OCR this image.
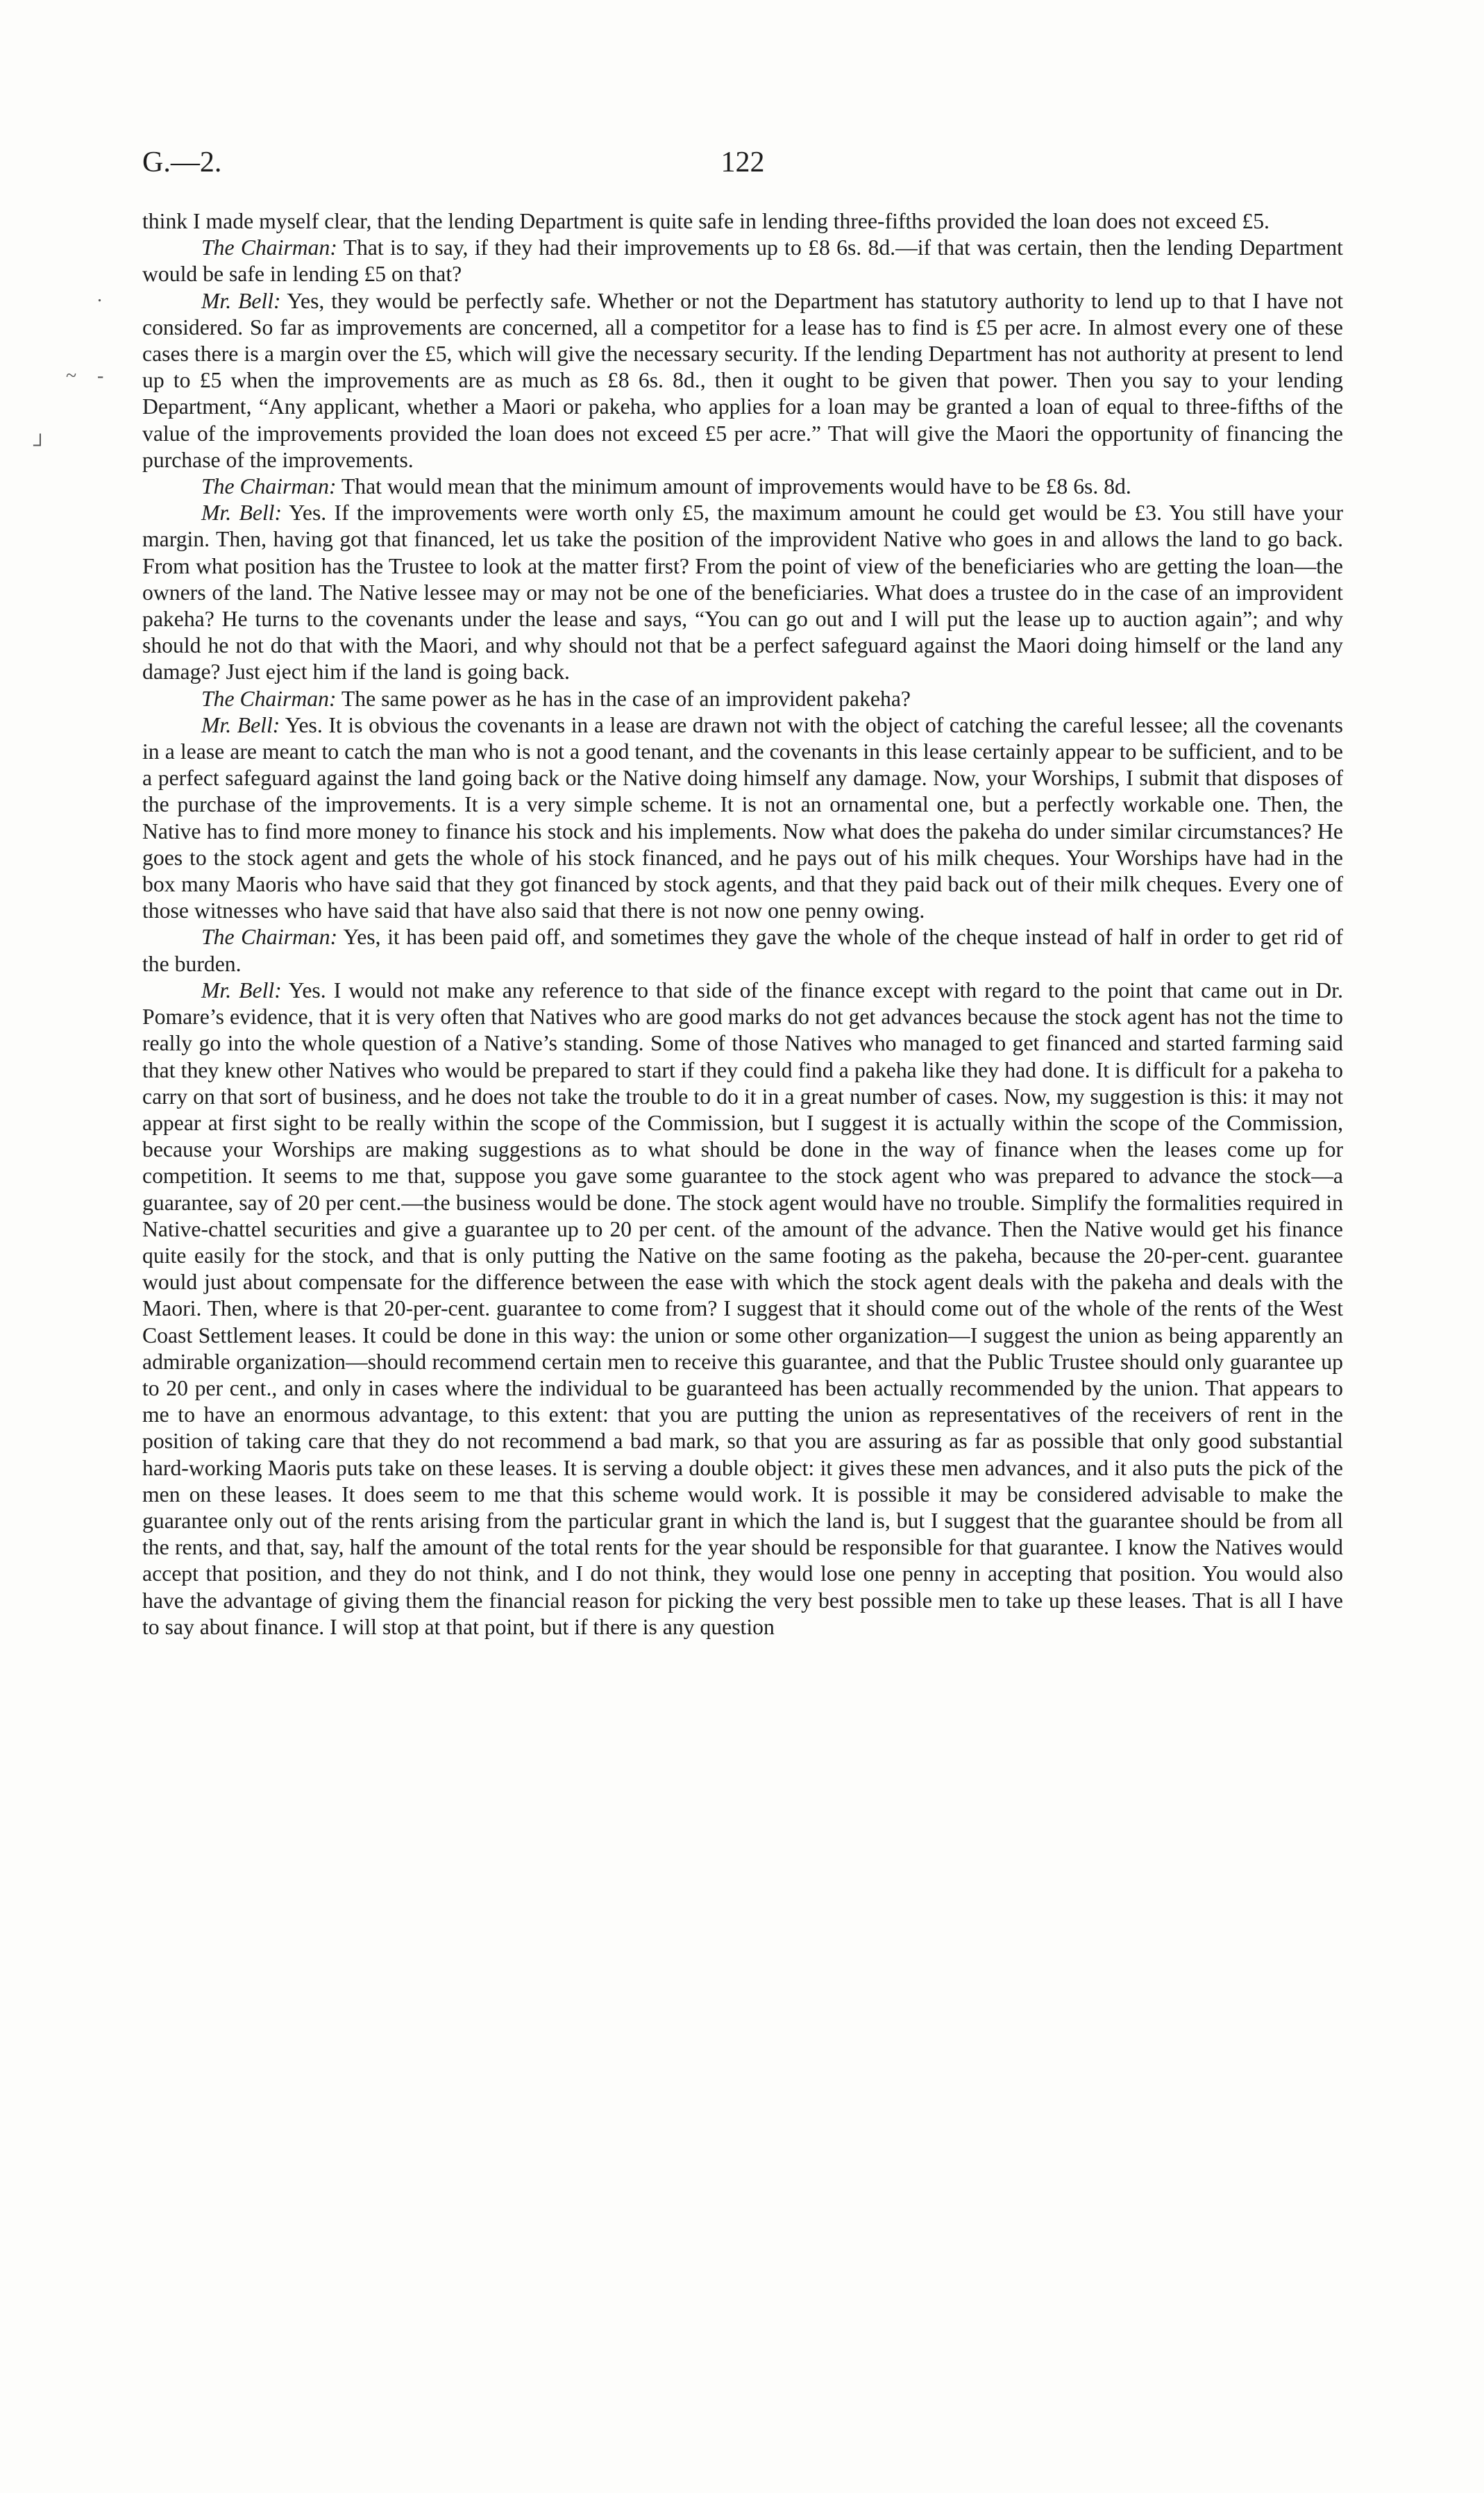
G.—2.	122
.
~ -
┘

think I made myself clear, that the lending Department is quite safe in lending three-fifths provided the loan does not exceed £5.

The Chairman: That is to say, if they had their improvements up to £8 6s. 8d.—if that was certain, then the lending Department would be safe in lending £5 on that?

Mr. Bell: Yes, they would be perfectly safe. Whether or not the Department has statutory authority to lend up to that I have not considered. So far as improvements are concerned, all a competitor for a lease has to find is £5 per acre. In almost every one of these cases there is a margin over the £5, which will give the necessary security. If the lending Department has not authority at present to lend up to £5 when the improvements are as much as £8 6s. 8d., then it ought to be given that power. Then you say to your lending Department, “Any applicant, whether a Maori or pakeha, who applies for a loan may be granted a loan of equal to three-fifths of the value of the improvements provided the loan does not exceed £5 per acre.” That will give the Maori the opportunity of financing the purchase of the improvements.

The Chairman: That would mean that the minimum amount of improvements would have to be £8 6s. 8d.

Mr. Bell: Yes. If the improvements were worth only £5, the maximum amount he could get would be £3. You still have your margin. Then, having got that financed, let us take the position of the improvident Native who goes in and allows the land to go back. From what position has the Trustee to look at the matter first? From the point of view of the beneficiaries who are getting the loan—the owners of the land. The Native lessee may or may not be one of the beneficiaries. What does a trustee do in the case of an improvident pakeha? He turns to the covenants under the lease and says, “You can go out and I will put the lease up to auction again”; and why should he not do that with the Maori, and why should not that be a perfect safeguard against the Maori doing himself or the land any damage? Just eject him if the land is going back.

The Chairman: The same power as he has in the case of an improvident pakeha?

Mr. Bell: Yes. It is obvious the covenants in a lease are drawn not with the object of catching the careful lessee; all the covenants in a lease are meant to catch the man who is not a good tenant, and the covenants in this lease certainly appear to be sufficient, and to be a perfect safeguard against the land going back or the Native doing himself any damage. Now, your Worships, I submit that disposes of the purchase of the improvements. It is a very simple scheme. It is not an ornamental one, but a perfectly workable one. Then, the Native has to find more money to finance his stock and his implements. Now what does the pakeha do under similar circumstances? He goes to the stock agent and gets the whole of his stock financed, and he pays out of his milk cheques. Your Worships have had in the box many Maoris who have said that they got financed by stock agents, and that they paid back out of their milk cheques. Every one of those witnesses who have said that have also said that there is not now one penny owing.

The Chairman: Yes, it has been paid off, and sometimes they gave the whole of the cheque instead of half in order to get rid of the burden.

Mr. Bell: Yes. I would not make any reference to that side of the finance except with regard to the point that came out in Dr. Pomare’s evidence, that it is very often that Natives who are good marks do not get advances because the stock agent has not the time to really go into the whole question of a Native’s standing. Some of those Natives who managed to get financed and started farming said that they knew other Natives who would be prepared to start if they could find a pakeha like they had done. It is difficult for a pakeha to carry on that sort of business, and he does not take the trouble to do it in a great number of cases. Now, my suggestion is this: it may not appear at first sight to be really within the scope of the Commission, but I suggest it is actually within the scope of the Commission, because your Worships are making suggestions as to what should be done in the way of finance when the leases come up for competition. It seems to me that, suppose you gave some guarantee to the stock agent who was prepared to advance the stock—a guarantee, say of 20 per cent.—the business would be done. The stock agent would have no trouble. Simplify the formalities required in Native-chattel securities and give a guarantee up to 20 per cent. of the amount of the advance. Then the Native would get his finance quite easily for the stock, and that is only putting the Native on the same footing as the pakeha, because the 20-per-cent. guarantee would just about compensate for the difference between the ease with which the stock agent deals with the pakeha and deals with the Maori. Then, where is that 20-per-cent. guarantee to come from? I suggest that it should come out of the whole of the rents of the West Coast Settlement leases. It could be done in this way: the union or some other organization—I suggest the union as being apparently an admirable organization—should recommend certain men to receive this guarantee, and that the Public Trustee should only guarantee up to 20 per cent., and only in cases where the individual to be guaranteed has been actually recommended by the union. That appears to me to have an enormous advantage, to this extent: that you are putting the union as representatives of the receivers of rent in the position of taking care that they do not recommend a bad mark, so that you are assuring as far as possible that only good substantial hard-working Maoris puts take on these leases. It is serving a double object: it gives these men advances, and it also puts the pick of the men on these leases. It does seem to me that this scheme would work. It is possible it may be considered advisable to make the guarantee only out of the rents arising from the particular grant in which the land is, but I suggest that the guarantee should be from all the rents, and that, say, half the amount of the total rents for the year should be responsible for that guarantee. I know the Natives would accept that position, and they do not think, and I do not think, they would lose one penny in accepting that position. You would also have the advantage of giving them the financial reason for picking the very best possible men to take up these leases. That is all I have to say about finance. I will stop at that point, but if there is any question
